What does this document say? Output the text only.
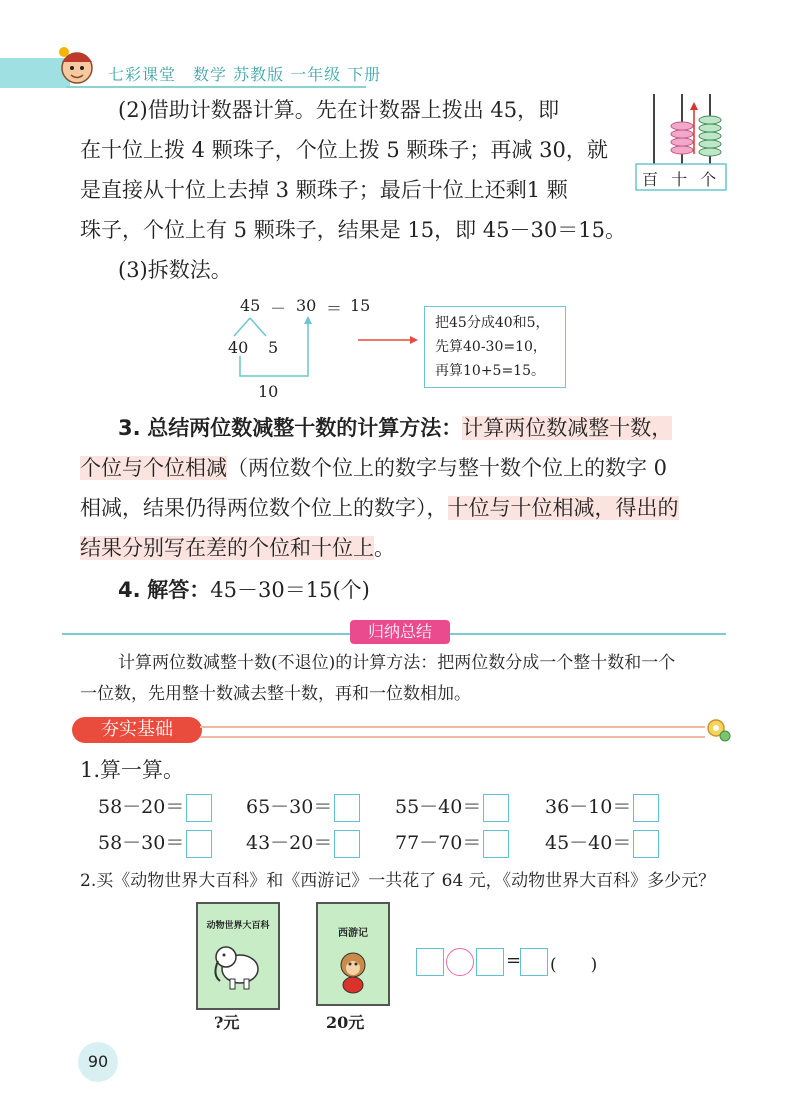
七彩课堂　数学 苏教版 一年级 下册
(2)借助计数器计算。先在计数器上拨出 45，即
在十位上拨 4 颗珠子，个位上拨 5 颗珠子；再减 30，就
是直接从十位上去掉 3 颗珠子；最后十位上还剩1 颗
珠子，个位上有 5 颗珠子，结果是 15，即 45－30＝15。
百 十 个
(3)拆数法。
45 － 30 ＝ 15
40 5
10
把45分成40和5，
先算40-30=10，
再算10+5=15。
3. 总结两位数减整十数的计算方法：计算两位数减整十数，
个位与个位相减（两位数个位上的数字与整十数个位上的数字 0
相减，结果仍得两位数个位上的数字），十位与十位相减，得出的
结果分别写在差的个位和十位上。
4. 解答：45－30＝15(个)
归纳总结
计算两位数减整十数(不退位)的计算方法：把两位数分成一个整十数和一个
一位数，先用整十数减去整十数，再和一位数相加。
夯实基础
1.算一算。
58－20＝	65－30＝	55－40＝	36－10＝
58－30＝	43－20＝	77－70＝	45－40＝
2.买《动物世界大百科》和《西游记》一共花了 64 元，《动物世界大百科》多少元？
动物世界大百科
?元
西游记
20元
= (　　)
90
